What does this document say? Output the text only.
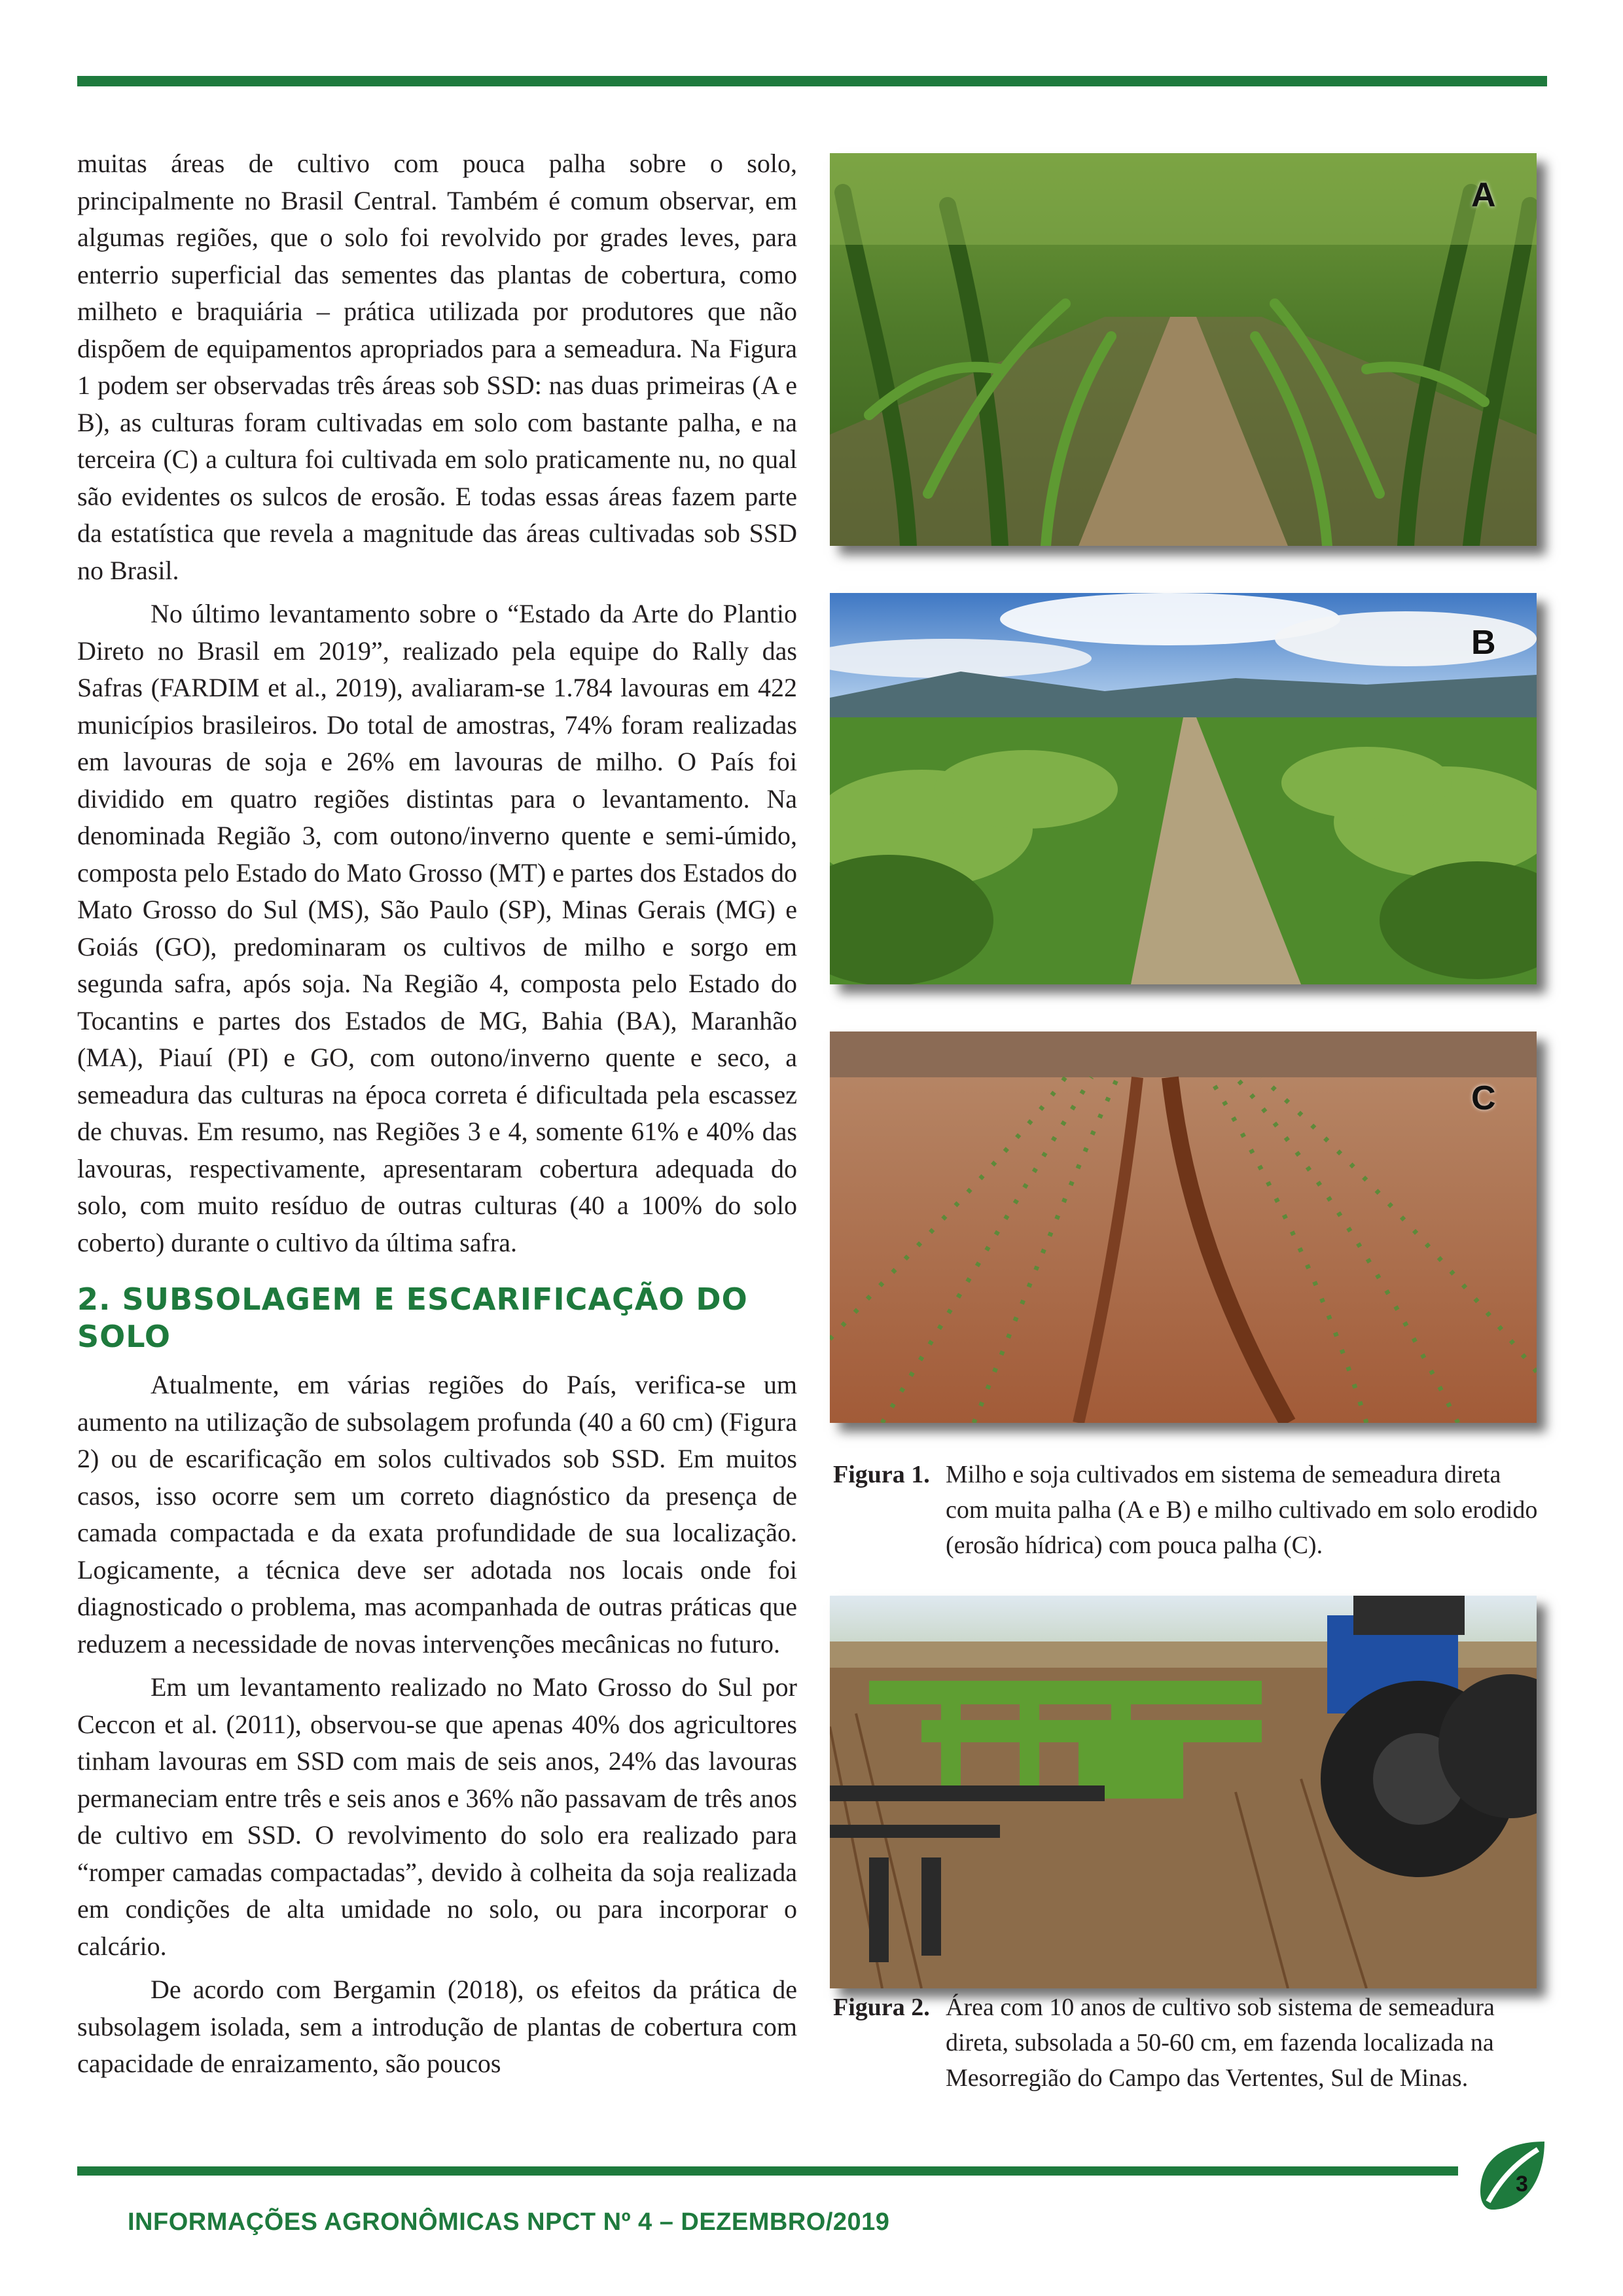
muitas áreas de cultivo com pouca palha sobre o solo, principalmente no Brasil Central. Também é comum observar, em algumas regiões, que o solo foi revolvido por grades leves, para enterrio superficial das sementes das plantas de cobertura, como milheto e braquiária – prática utilizada por produtores que não dispõem de equipamentos apropriados para a semeadura. Na Figura 1 podem ser observadas três áreas sob SSD: nas duas primeiras (A e B), as culturas foram cultivadas em solo com bastante palha, e na terceira (C) a cultura foi cultivada em solo praticamente nu, no qual são evidentes os sulcos de erosão. E todas essas áreas fazem parte da estatística que revela a magnitude das áreas cultivadas sob SSD no Brasil.

No último levantamento sobre o “Estado da Arte do Plantio Direto no Brasil em 2019”, realizado pela equipe do Rally das Safras (FARDIM et al., 2019), avaliaram-se 1.784 lavouras em 422 municípios brasileiros. Do total de amostras, 74% foram realizadas em lavouras de soja e 26% em lavouras de milho. O País foi dividido em quatro regiões distintas para o levantamento. Na denominada Região 3, com outono/inverno quente e semi-úmido, composta pelo Estado do Mato Grosso (MT) e partes dos Estados do Mato Grosso do Sul (MS), São Paulo (SP), Minas Gerais (MG) e Goiás (GO), predominaram os cultivos de milho e sorgo em segunda safra, após soja. Na Região 4, composta pelo Estado do Tocantins e partes dos Estados de MG, Bahia (BA), Maranhão (MA), Piauí (PI) e GO, com outono/inverno quente e seco, a semeadura das culturas na época correta é dificultada pela escassez de chuvas. Em resumo, nas Regiões 3 e 4, somente 61% e 40% das lavouras, respectivamente, apresentaram cobertura adequada do solo, com muito resíduo de outras culturas (40 a 100% do solo coberto) durante o cultivo da última safra.

2. SUBSOLAGEM E ESCARIFICAÇÃO DO SOLO

Atualmente, em várias regiões do País, verifica-se um aumento na utilização de subsolagem profunda (40 a 60 cm) (Figura 2) ou de escarificação em solos cultivados sob SSD. Em muitos casos, isso ocorre sem um correto diagnóstico da presença de camada compactada e da exata profundidade de sua localização. Logicamente, a técnica deve ser adotada nos locais onde foi diagnosticado o problema, mas acompanhada de outras práticas que reduzem a necessidade de novas intervenções mecânicas no futuro.

Em um levantamento realizado no Mato Grosso do Sul por Ceccon et al. (2011), observou-se que apenas 40% dos agricultores tinham lavouras em SSD com mais de seis anos, 24% das lavouras permaneciam entre três e seis anos e 36% não passavam de três anos de cultivo em SSD. O revolvimento do solo era realizado para “romper camadas compactadas”, devido à colheita da soja realizada em condições de alta umidade no solo, ou para incorporar o calcário.

De acordo com Bergamin (2018), os efeitos da prática de subsolagem isolada, sem a introdução de plantas de cobertura com capacidade de enraizamento, são poucos

A
B
C
Figura 1. Milho e soja cultivados em sistema de semeadura direta com muita palha (A e B) e milho cultivado em solo erodido (erosão hídrica) com pouca palha (C).
Figura 2. Área com 10 anos de cultivo sob sistema de semeadura direta, subsolada a 50-60 cm, em fazenda localizada na Mesorregião do Campo das Vertentes, Sul de Minas.
INFORMAÇÕES AGRONÔMICAS NPCT Nº 4 – DEZEMBRO/2019
3
